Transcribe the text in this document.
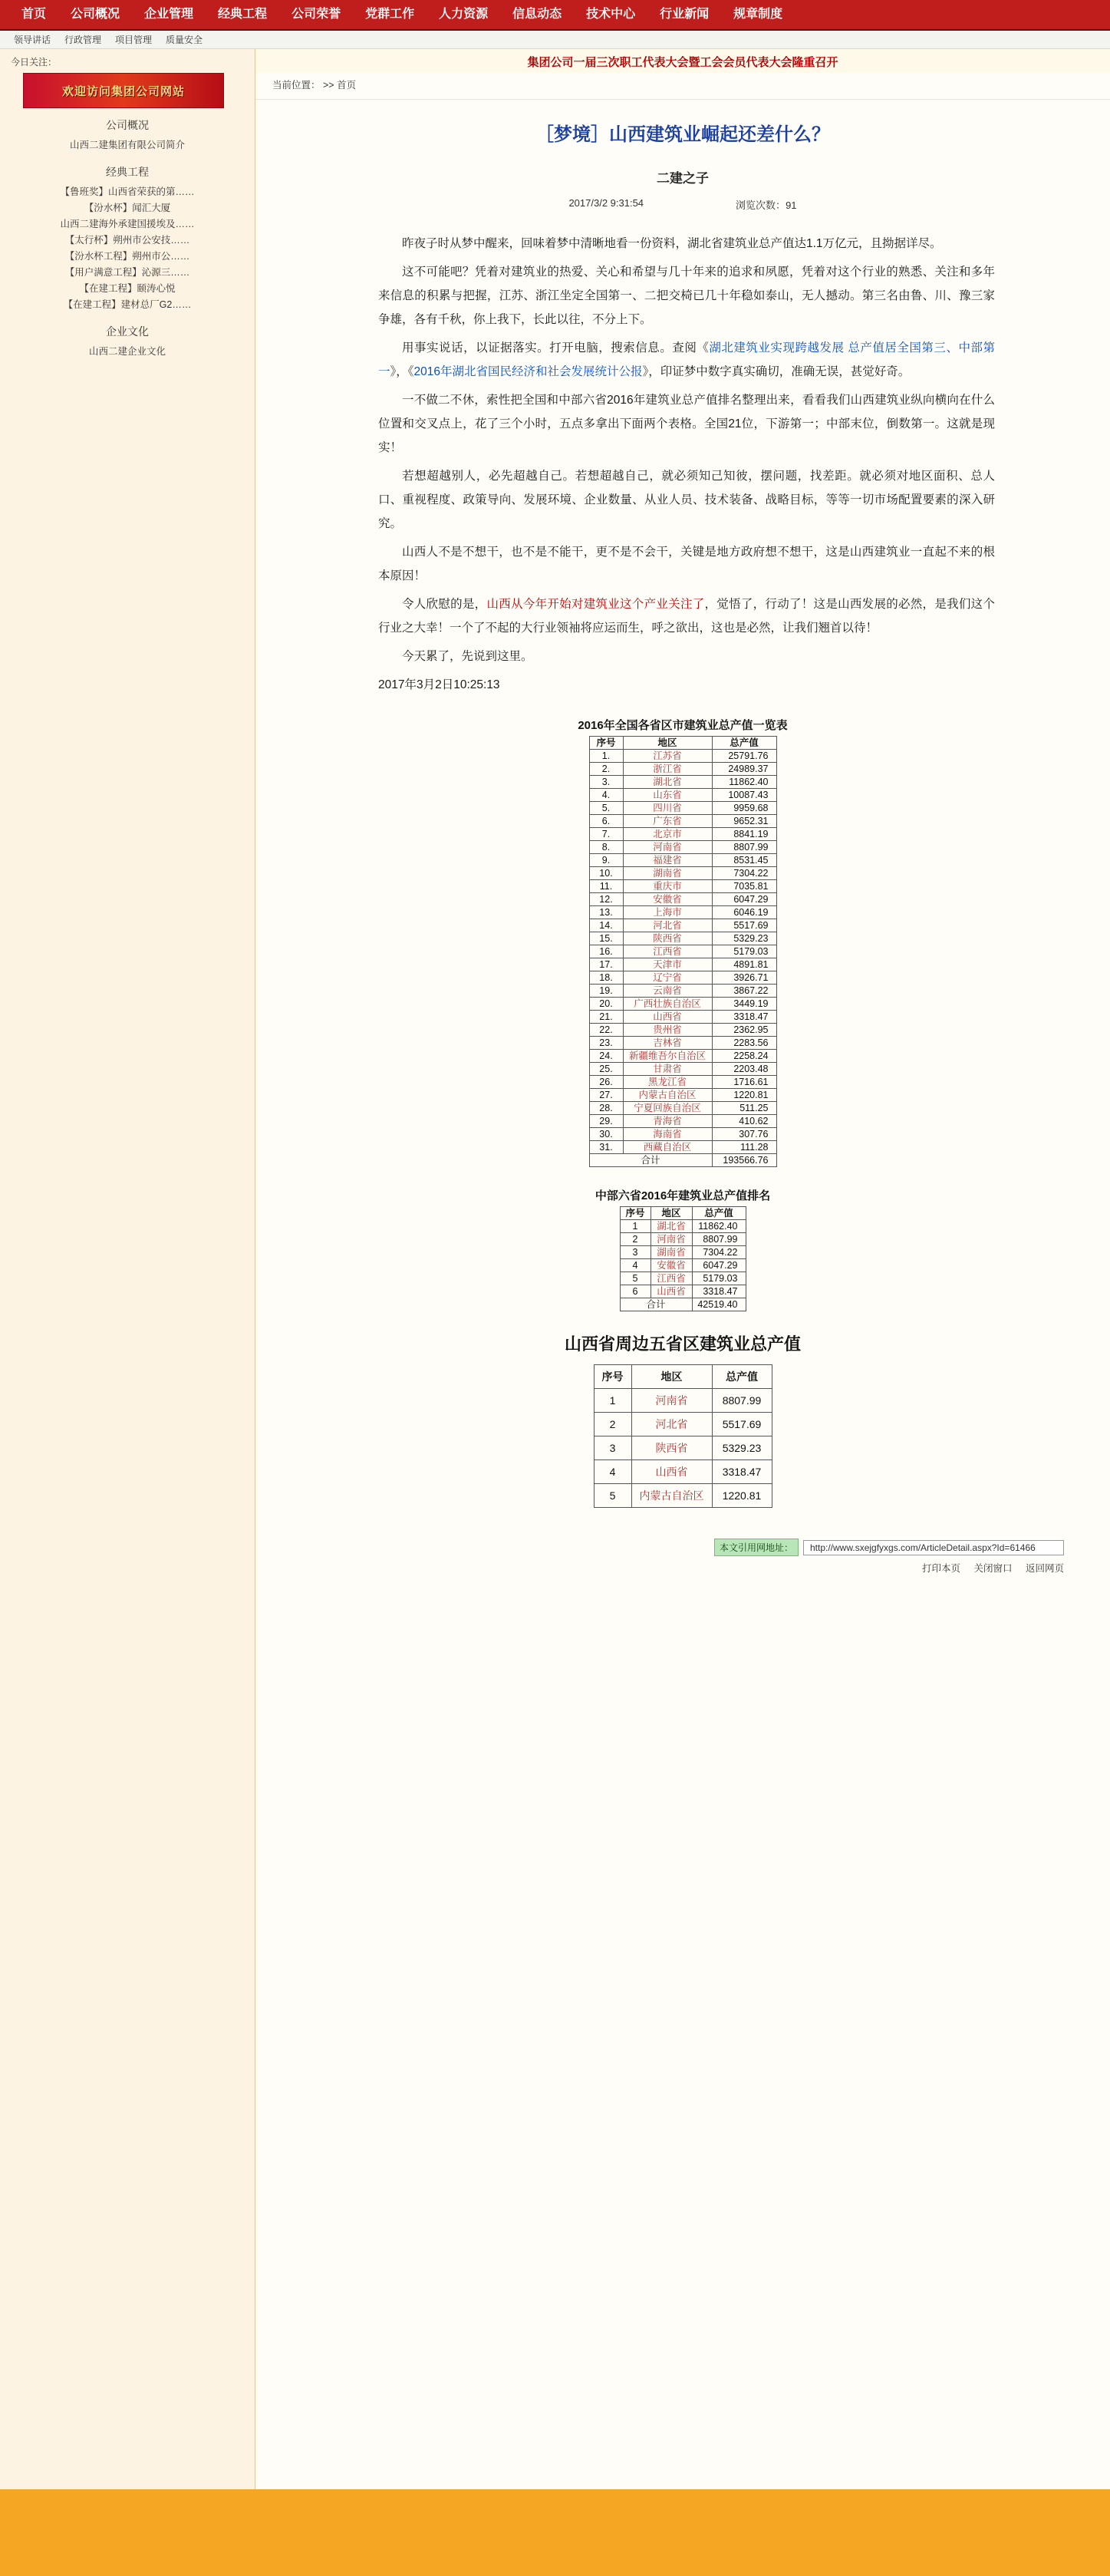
首页	公司概况	企业管理	经典工程	公司荣誉	党群工作	人力资源	信息动态	技术中心	行业新闻	规章制度
领导讲话 行政管理 项目管理 质量安全
今日关注：
欢迎访问集团公司网站
公司概况
山西二建集团有限公司简介
经典工程
【鲁班奖】山西省荣获的第……
【汾水杯】闻汇大厦
山西二建海外承建国援埃及……
【太行杯】朔州市公安技……
【汾水杯工程】朔州市公……
【用户满意工程】沁源三……
【在建工程】颐涛心悦
【在建工程】建材总厂G2……
企业文化
山西二建企业文化
集团公司一届三次职工代表大会暨工会会员代表大会隆重召开
当前位置： >> 首页
［梦境］山西建筑业崛起还差什么？
二建之子
2017/3/2 9:31:54	浏览次数：91

昨夜子时从梦中醒来，回味着梦中清晰地看一份资料，湖北省建筑业总产值达1.1万亿元，且拗据详尽。

这不可能吧？凭着对建筑业的热爱、关心和希望与几十年来的追求和夙愿，凭着对这个行业的熟悉、关注和多年来信息的积累与把握，江苏、浙江坐定全国第一、二把交椅已几十年稳如泰山，无人撼动。第三名由鲁、川、豫三家争雄，各有千秋，你上我下，长此以往，不分上下。

用事实说话，以证据落实。打开电脑，搜索信息。查阅《湖北建筑业实现跨越发展 总产值居全国第三、中部第一》，《2016年湖北省国民经济和社会发展统计公报》，印证梦中数字真实确切，准确无误，甚觉好奇。

一不做二不休，索性把全国和中部六省2016年建筑业总产值排名整理出来，看看我们山西建筑业纵向横向在什么位置和交叉点上，花了三个小时，五点多拿出下面两个表格。全国21位，下游第一；中部末位，倒数第一。这就是现实！

若想超越别人，必先超越自己。若想超越自己，就必须知己知彼，摆问题，找差距。就必须对地区面积、总人口、重视程度、政策导向、发展环境、企业数量、从业人员、技术装备、战略目标，等等一切市场配置要素的深入研究。

山西人不是不想干，也不是不能干，更不是不会干，关键是地方政府想不想干，这是山西建筑业一直起不来的根本原因！

令人欣慰的是，山西从今年开始对建筑业这个产业关注了，觉悟了，行动了！这是山西发展的必然，是我们这个行业之大幸！一个了不起的大行业领袖将应运而生，呼之欲出，这也是必然，让我们翘首以待！

今天累了，先说到这里。

2017年3月2日10:25:13

2016年全国各省区市建筑业总产值一览表
序号	地区	总产值
1.	江苏省	25791.76
2.	浙江省	24989.37
3.	湖北省	11862.40
4.	山东省	10087.43
5.	四川省	9959.68
6.	广东省	9652.31
7.	北京市	8841.19
8.	河南省	8807.99
9.	福建省	8531.45
10.	湖南省	7304.22
11.	重庆市	7035.81
12.	安徽省	6047.29
13.	上海市	6046.19
14.	河北省	5517.69
15.	陕西省	5329.23
16.	江西省	5179.03
17.	天津市	4891.81
18.	辽宁省	3926.71
19.	云南省	3867.22
20.	广西壮族自治区	3449.19
21.	山西省	3318.47
22.	贵州省	2362.95
23.	吉林省	2283.56
24.	新疆维吾尔自治区	2258.24
25.	甘肃省	2203.48
26.	黑龙江省	1716.61
27.	内蒙古自治区	1220.81
28.	宁夏回族自治区	511.25
29.	青海省	410.62
30.	海南省	307.76
31.	西藏自治区	111.28
合计		193566.76
中部六省2016年建筑业总产值排名
序号	地区	总产值
1	湖北省	11862.40
2	河南省	8807.99
3	湖南省	7304.22
4	安徽省	6047.29
5	江西省	5179.03
6	山西省	3318.47
合计		42519.40
山西省周边五省区建筑业总产值
序号	地区	总产值
1	河南省	8807.99
2	河北省	5517.69
3	陕西省	5329.23
4	山西省	3318.47
5	内蒙古自治区	1220.81
本文引用网地址：	http://www.sxejgfyxgs.com/ArticleDetail.aspx?Id=61466
打印本页 关闭窗口 返回网页
